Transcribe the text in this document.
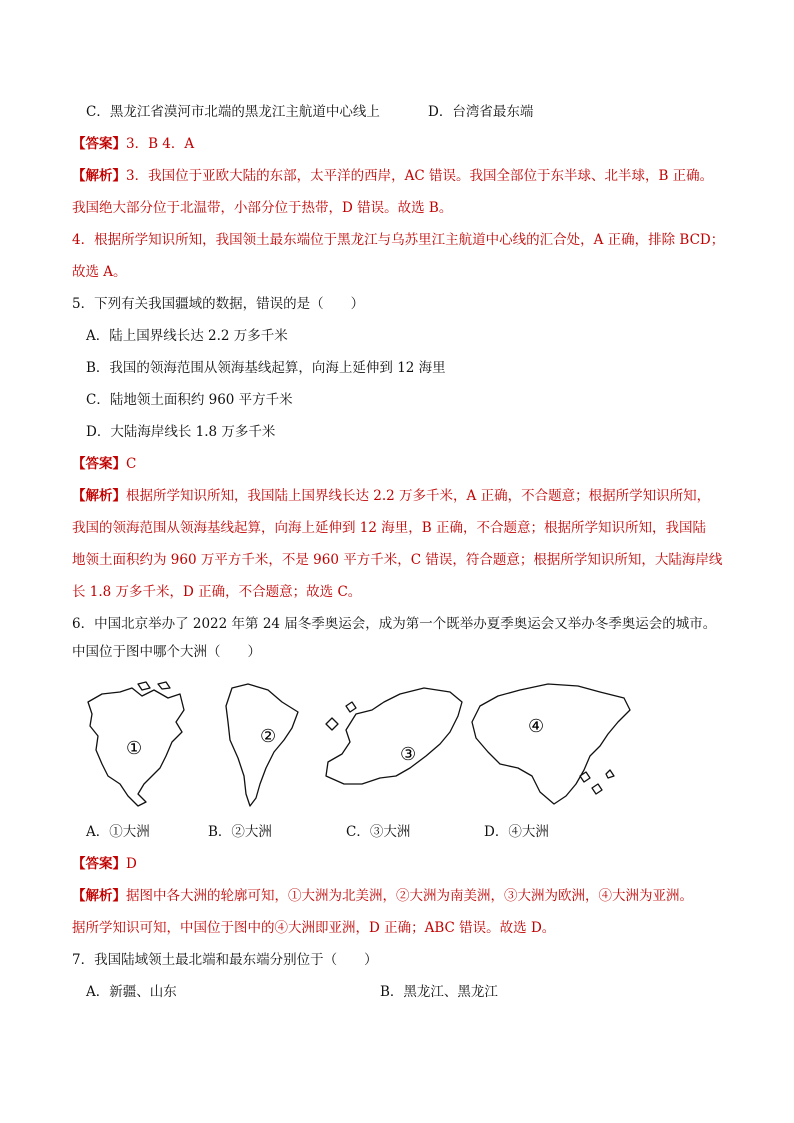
C．黑龙江省漠河市北端的黑龙江主航道中心线上	D．台湾省最东端
【答案】3．B 4．A
【解析】3．我国位于亚欧大陆的东部，太平洋的西岸，AC 错误。我国全部位于东半球、北半球，B 正确。
我国绝大部分位于北温带，小部分位于热带，D 错误。故选 B。
4．根据所学知识所知，我国领土最东端位于黑龙江与乌苏里江主航道中心线的汇合处，A 正确，排除 BCD；
故选 A。
5．下列有关我国疆域的数据，错误的是（　　）
A．陆上国界线长达 2.2 万多千米
B．我国的领海范围从领海基线起算，向海上延伸到 12 海里
C．陆地领土面积约 960 平方千米
D．大陆海岸线长 1.8 万多千米
【答案】C
【解析】根据所学知识所知，我国陆上国界线长达 2.2 万多千米，A 正确，不合题意；根据所学知识所知，
我国的领海范围从领海基线起算，向海上延伸到 12 海里，B 正确，不合题意；根据所学知识所知，我国陆
地领土面积约为 960 万平方千米，不是 960 平方千米，C 错误，符合题意；根据所学知识所知，大陆海岸线
长 1.8 万多千米，D 正确，不合题意；故选 C。
6．中国北京举办了 2022 年第 24 届冬季奥运会，成为第一个既举办夏季奥运会又举办冬季奥运会的城市。
中国位于图中哪个大洲（　　）
①
②
③
④
A．①大洲	B．②大洲	C．③大洲	D．④大洲
【答案】D
【解析】据图中各大洲的轮廓可知，①大洲为北美洲，②大洲为南美洲，③大洲为欧洲，④大洲为亚洲。
据所学知识可知，中国位于图中的④大洲即亚洲，D 正确；ABC 错误。故选 D。
7．我国陆域领土最北端和最东端分别位于（　　）
A．新疆、山东	B．黑龙江、黑龙江
